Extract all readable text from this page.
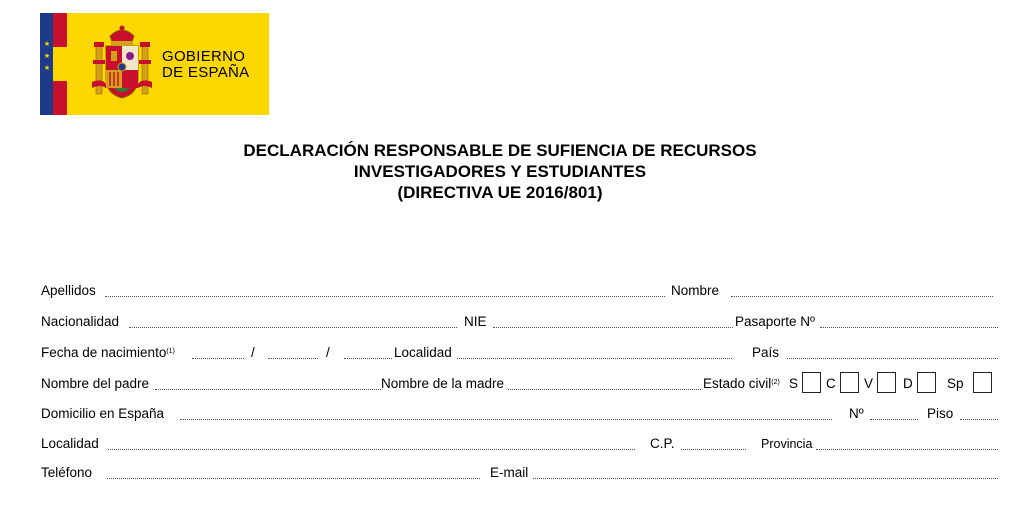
★
★
★
GOBIERNO
DE ESPAÑA
DECLARACIÓN RESPONSABLE DE SUFIENCIA DE RECURSOS
INVESTIGADORES Y ESTUDIANTES
(DIRECTIVA UE 2016/801)
Apellidos	Nombre
Nacionalidad	NIE	Pasaporte Nº
Fecha de nacimiento$^{(1)}$	/	/	Localidad	País
Nombre del padre	Nombre de la madre	Estado civil$^{(2)}$ S C V D	Sp
Domicilio en España	Nº	Piso
Localidad	C.P.	Provincia
Teléfono	E-mail
